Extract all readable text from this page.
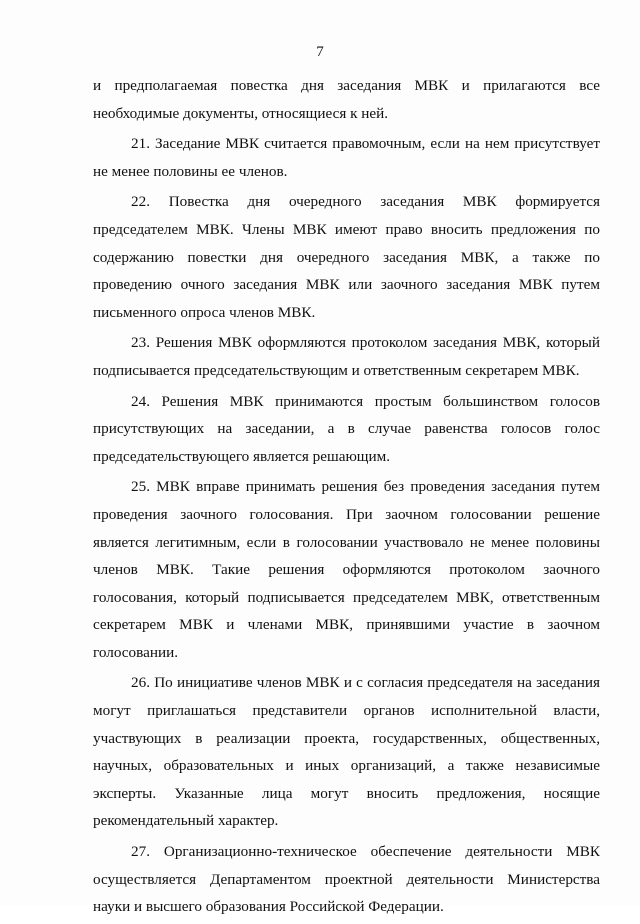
7

и предполагаемая повестка дня заседания МВК и прилагаются все необходимые документы, относящиеся к ней.

21. Заседание МВК считается правомочным, если на нем присутствует не менее половины ее членов.

22. Повестка дня очередного заседания МВК формируется председателем МВК. Члены МВК имеют право вносить предложения по содержанию повестки дня очередного заседания МВК, а также по проведению очного заседания МВК или заочного заседания МВК путем письменного опроса членов МВК.

23. Решения МВК оформляются протоколом заседания МВК, который подписывается председательствующим и ответственным секретарем МВК.

24. Решения МВК принимаются простым большинством голосов присутствующих на заседании, а в случае равенства голосов голос председательствующего является решающим.

25. МВК вправе принимать решения без проведения заседания путем проведения заочного голосования. При заочном голосовании решение является легитимным, если в голосовании участвовало не менее половины членов МВК. Такие решения оформляются протоколом заочного голосования, который подписывается председателем МВК, ответственным секретарем МВК и членами МВК, принявшими участие в заочном голосовании.

26. По инициативе членов МВК и с согласия председателя на заседания могут приглашаться представители органов исполнительной власти, участвующих в реализации проекта, государственных, общественных, научных, образовательных и иных организаций, а также независимые эксперты. Указанные лица могут вносить предложения, носящие рекомендательный характер.

27. Организационно-техническое обеспечение деятельности МВК осуществляется Департаментом проектной деятельности Министерства науки и высшего образования Российской Федерации.
